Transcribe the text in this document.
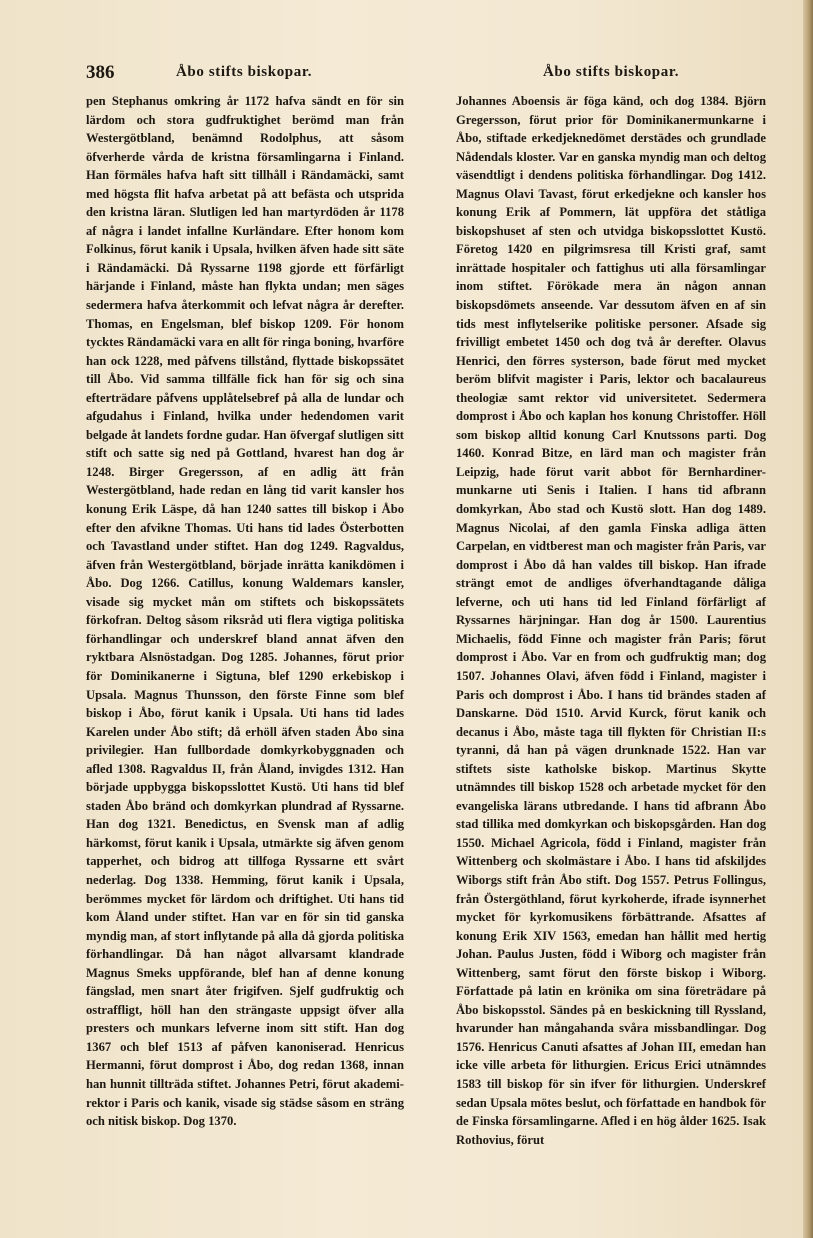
386	Åbo stifts biskopar.	Åbo stifts biskopar.

pen Stephanus omkring år 1172 hafva sändt en för sin lärdom och stora gudfruktighet berömd man från Westergötbland, benämnd Rodolphus, att såsom öfverherde vårda de kristna församlingarna i Finland. Han förmäles hafva haft sitt tillhåll i Rändamäcki, samt med högsta flit hafva arbetat på att befästa och utsprida den kristna läran. Slutligen led han martyrdöden år 1178 af några i landet infallne Kurländare. Efter honom kom Folkinus, förut kanik i Upsala, hvilken äfven hade sitt säte i Rändamäcki. Då Ryssarne 1198 gjorde ett förfärligt härjande i Finland, måste han flykta undan; men säges sedermera hafva återkommit och lefvat några år derefter. Thomas, en Engelsman, blef biskop 1209. För honom tycktes Rändamäcki vara en allt för ringa boning, hvarföre han ock 1228, med påfvens tillstånd, flyttade biskopssätet till Åbo. Vid samma tillfälle fick han för sig och sina efterträdare påfvens upplåtelsebref på alla de lundar och afgudahus i Finland, hvilka under hedendomen varit belgade åt landets fordne gudar. Han öfvergaf slutligen sitt stift och satte sig ned på Gottland, hvarest han dog år 1248. Birger Gregersson, af en adlig ätt från Westergötbland, hade redan en lång tid varit kansler hos konung Erik Läspe, då han 1240 sattes till biskop i Åbo efter den afvikne Thomas. Uti hans tid lades Österbotten och Tavastland under stiftet. Han dog 1249. Ragvaldus, äfven från Westergötbland, började inrätta kanikdömen i Åbo. Dog 1266. Catillus, konung Waldemars kansler, visade sig mycket mån om stiftets och biskopssätets förkofran. Deltog såsom riksråd uti flera vigtiga politiska förhandlingar och underskref bland annat äfven den ryktbara Alsnöstadgan. Dog 1285. Johannes, förut prior för Dominikanerne i Sigtuna, blef 1290 erkebiskop i Upsala. Magnus Thunsson, den förste Finne som blef biskop i Åbo, förut kanik i Upsala. Uti hans tid lades Karelen under Åbo stift; då erhöll äfven staden Åbo sina privilegier. Han fullbordade domkyrkobyggnaden och afled 1308. Ragvaldus II, från Åland, invigdes 1312. Han började uppbygga biskopsslottet Kustö. Uti hans tid blef staden Åbo bränd och domkyrkan plundrad af Ryssarne. Han dog 1321. Benedictus, en Svensk man af adlig härkomst, förut kanik i Upsala, utmärkte sig äfven genom tapperhet, och bidrog att tillfoga Ryssarne ett svårt nederlag. Dog 1338. Hemming, förut kanik i Upsala, berömmes mycket för lärdom och driftighet. Uti hans tid kom Åland under stiftet. Han var en för sin tid ganska myndig man, af stort inflytande på alla då gjorda politiska förhandlingar. Då han något allvarsamt klandrade Magnus Smeks uppförande, blef han af denne konung fängslad, men snart åter frigifven. Sjelf gudfruktig och ostraffligt, höll han den strängaste uppsigt öfver alla presters och munkars lefverne inom sitt stift. Han dog 1367 och blef 1513 af påfven kanoniserad. Henricus Hermanni, förut domprost i Åbo, dog redan 1368, innan han hunnit tillträda stiftet. Johannes Petri, förut akademi-rektor i Paris och kanik, visade sig städse såsom en sträng och nitisk biskop. Dog 1370.

Johannes Aboensis är föga känd, och dog 1384. Björn Gregersson, förut prior för Dominikanermunkarne i Åbo, stiftade erkedjeknedömet derstädes och grundlade Nådendals kloster. Var en ganska myndig man och deltog väsendtligt i dendens politiska förhandlingar. Dog 1412. Magnus Olavi Tavast, förut erkedjekne och kansler hos konung Erik af Pommern, lät uppföra det ståtliga biskopshuset af sten och utvidga biskopsslottet Kustö. Företog 1420 en pilgrimsresa till Kristi graf, samt inrättade hospitaler och fattighus uti alla församlingar inom stiftet. Förökade mera än någon annan biskopsdömets anseende. Var dessutom äfven en af sin tids mest inflytelserike politiske personer. Afsade sig frivilligt embetet 1450 och dog två år derefter. Olavus Henrici, den förres systerson, bade förut med mycket beröm blifvit magister i Paris, lektor och bacalaureus theologiæ samt rektor vid universitetet. Sedermera domprost i Åbo och kaplan hos konung Christoffer. Höll som biskop alltid konung Carl Knutssons parti. Dog 1460. Konrad Bitze, en lärd man och magister från Leipzig, hade förut varit abbot för Bernhardiner-munkarne uti Senis i Italien. I hans tid afbrann domkyrkan, Åbo stad och Kustö slott. Han dog 1489. Magnus Nicolai, af den gamla Finska adliga ätten Carpelan, en vidtberest man och magister från Paris, var domprost i Åbo då han valdes till biskop. Han ifrade strängt emot de andliges öfverhandtagande dåliga lefverne, och uti hans tid led Finland förfärligt af Ryssarnes härjningar. Han dog år 1500. Laurentius Michaelis, född Finne och magister från Paris; förut domprost i Åbo. Var en from och gudfruktig man; dog 1507. Johannes Olavi, äfven född i Finland, magister i Paris och domprost i Åbo. I hans tid brändes staden af Danskarne. Död 1510. Arvid Kurck, förut kanik och decanus i Åbo, måste taga till flykten för Christian II:s tyranni, då han på vägen drunknade 1522. Han var stiftets siste katholske biskop. Martinus Skytte utnämndes till biskop 1528 och arbetade mycket för den evangeliska lärans utbredande. I hans tid afbrann Åbo stad tillika med domkyrkan och biskopsgården. Han dog 1550. Michael Agricola, född i Finland, magister från Wittenberg och skolmästare i Åbo. I hans tid afskiljdes Wiborgs stift från Åbo stift. Dog 1557. Petrus Follingus, från Östergöthland, förut kyrkoherde, ifrade isynnerhet mycket för kyrkomusikens förbättrande. Afsattes af konung Erik XIV 1563, emedan han hållit med hertig Johan. Paulus Justen, född i Wiborg och magister från Wittenberg, samt förut den förste biskop i Wiborg. Författade på latin en krönika om sina företrädare på Åbo biskopsstol. Sändes på en beskickning till Ryssland, hvarunder han mångahanda svåra missbandlingar. Dog 1576. Henricus Canuti afsattes af Johan III, emedan han icke ville arbeta för lithurgien. Ericus Erici utnämndes 1583 till biskop för sin ifver för lithurgien. Underskref sedan Upsala mötes beslut, och författade en handbok för de Finska församlingarne. Afled i en hög ålder 1625. Isak Rothovius, förut
